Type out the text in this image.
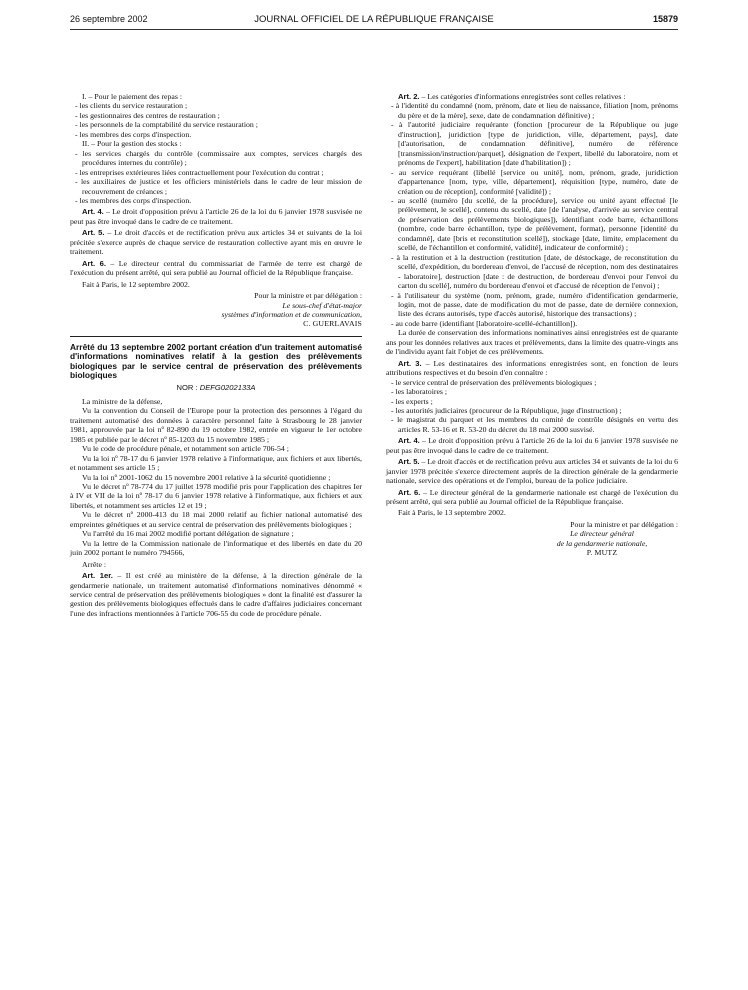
26 septembre 2002	JOURNAL OFFICIEL DE LA RÉPUBLIQUE FRANÇAISE	15879

I. – Pour le paiement des repas :

- les clients du service restauration ;

- les gestionnaires des centres de restauration ;

- les personnels de la comptabilité du service restauration ;

- les membres des corps d'inspection.

II. – Pour la gestion des stocks :

- les services chargés du contrôle (commissaire aux comptes, services chargés des procédures internes du contrôle) ;

- les entreprises extérieures liées contractuellement pour l'exécution du contrat ;

- les auxiliaires de justice et les officiers ministériels dans le cadre de leur mission de recouvrement de créances ;

- les membres des corps d'inspection.

Art. 4. – Le droit d'opposition prévu à l'article 26 de la loi du 6 janvier 1978 susvisée ne peut pas être invoqué dans le cadre de ce traitement.

Art. 5. – Le droit d'accès et de rectification prévu aux articles 34 et suivants de la loi précitée s'exerce auprès de chaque service de restauration collective ayant mis en œuvre le traitement.

Art. 6. – Le directeur central du commissariat de l'armée de terre est chargé de l'exécution du présent arrêté, qui sera publié au Journal officiel de la République française.

Fait à Paris, le 12 septembre 2002.

Pour la ministre et par délégation :
Le sous-chef d'état-major
systèmes d'information et de communication,
C. GUERLAVAIS
Arrêté du 13 septembre 2002 portant création d'un traitement automatisé d'informations nominatives relatif à la gestion des prélèvements biologiques par le service central de préservation des prélèvements biologiques
NOR : DEFG0202133A

La ministre de la défense,

Vu la convention du Conseil de l'Europe pour la protection des personnes à l'égard du traitement automatisé des données à caractère personnel faite à Strasbourg le 28 janvier 1981, approuvée par la loi nº 82-890 du 19 octobre 1982, entrée en vigueur le 1er octobre 1985 et publiée par le décret nº 85-1203 du 15 novembre 1985 ;

Vu le code de procédure pénale, et notamment son article 706-54 ;

Vu la loi nº 78-17 du 6 janvier 1978 relative à l'informatique, aux fichiers et aux libertés, et notamment ses article 15 ;

Vu la loi nº 2001-1062 du 15 novembre 2001 relative à la sécurité quotidienne ;

Vu le décret nº 78-774 du 17 juillet 1978 modifié pris pour l'application des chapitres Ier à IV et VII de la loi nº 78-17 du 6 janvier 1978 relative à l'informatique, aux fichiers et aux libertés, et notamment ses articles 12 et 19 ;

Vu le décret nº 2000-413 du 18 mai 2000 relatif au fichier national automatisé des empreintes génétiques et au service central de préservation des prélèvements biologiques ;

Vu l'arrêté du 16 mai 2002 modifié portant délégation de signature ;

Vu la lettre de la Commission nationale de l'informatique et des libertés en date du 20 juin 2002 portant le numéro 794566,

Arrête :

Art. 1er. – Il est créé au ministère de la défense, à la direction générale de la gendarmerie nationale, un traitement automatisé d'informations nominatives dénommé « service central de préservation des prélèvements biologiques » dont la finalité est d'assurer la gestion des prélèvements biologiques effectués dans le cadre d'affaires judiciaires concernant l'une des infractions mentionnées à l'article 706-55 du code de procédure pénale.

Art. 2. – Les catégories d'informations enregistrées sont celles relatives :

- à l'identité du condamné (nom, prénom, date et lieu de naissance, filiation [nom, prénoms du père et de la mère], sexe, date de condamnation définitive) ;

- à l'autorité judiciaire requérante (fonction [procureur de la République ou juge d'instruction], juridiction [type de juridiction, ville, département, pays], date [d'autorisation, de condamnation définitive], numéro de référence [transmission/instruction/parquet], désignation de l'expert, libellé du laboratoire, nom et prénoms de l'expert], habilitation [date d'habilitation]) ;

- au service requérant (libellé [service ou unité], nom, prénom, grade, juridiction d'appartenance [nom, type, ville, département], réquisition [type, numéro, date de création ou de réception], conformité [validité]) ;

- au scellé (numéro [du scellé, de la procédure], service ou unité ayant effectué [le prélèvement, le scellé], contenu du scellé, date [de l'analyse, d'arrivée au service central de préservation des prélèvements biologiques]), identifiant code barre, échantillons (nombre, code barre échantillon, type de prélèvement, format), personne [identité du condamné], date [bris et reconstitution scellé]), stockage [date, limite, emplacement du scellé, de l'échantillon et conformité, validité], indicateur de conformité) ;

- à la restitution et à la destruction (restitution [date, de déstockage, de reconstitution du scellé, d'expédition, du bordereau d'envoi, de l'accusé de réception, nom des destinataires - laboratoire], destruction [date : de destruction, de bordereau d'envoi pour l'envoi du carton du scellé], numéro du bordereau d'envoi et d'accusé de réception de l'envoi) ;

- à l'utilisateur du système (nom, prénom, grade, numéro d'identification gendarmerie, login, mot de passe, date de modification du mot de passe, date de dernière connexion, liste des écrans autorisés, type d'accès autorisé, historique des transactions) ;

- au code barre (identifiant [laboratoire-scellé-échantillon]).

La durée de conservation des informations nominatives ainsi enregistrées est de quarante ans pour les données relatives aux traces et prélèvements, dans la limite des quatre-vingts ans de l'individu ayant fait l'objet de ces prélèvements.

Art. 3. – Les destinataires des informations enregistrées sont, en fonction de leurs attributions respectives et du besoin d'en connaître :

- le service central de préservation des prélèvements biologiques ;

- les laboratoires ;

- les experts ;

- les autorités judiciaires (procureur de la République, juge d'instruction) ;

- le magistrat du parquet et les membres du comité de contrôle désignés en vertu des articles R. 53-16 et R. 53-20 du décret du 18 mai 2000 susvisé.

Art. 4. – Le droit d'opposition prévu à l'article 26 de la loi du 6 janvier 1978 susvisée ne peut pas être invoqué dans le cadre de ce traitement.

Art. 5. – Le droit d'accès et de rectification prévu aux articles 34 et suivants de la loi du 6 janvier 1978 précitée s'exerce directement auprès de la direction générale de la gendarmerie nationale, service des opérations et de l'emploi, bureau de la police judiciaire.

Art. 6. – Le directeur général de la gendarmerie nationale est chargé de l'exécution du présent arrêté, qui sera publié au Journal officiel de la République française.

Fait à Paris, le 13 septembre 2002.

Pour la ministre et par délégation :
Le directeur général
de la gendarmerie nationale,
P. MUTZ
